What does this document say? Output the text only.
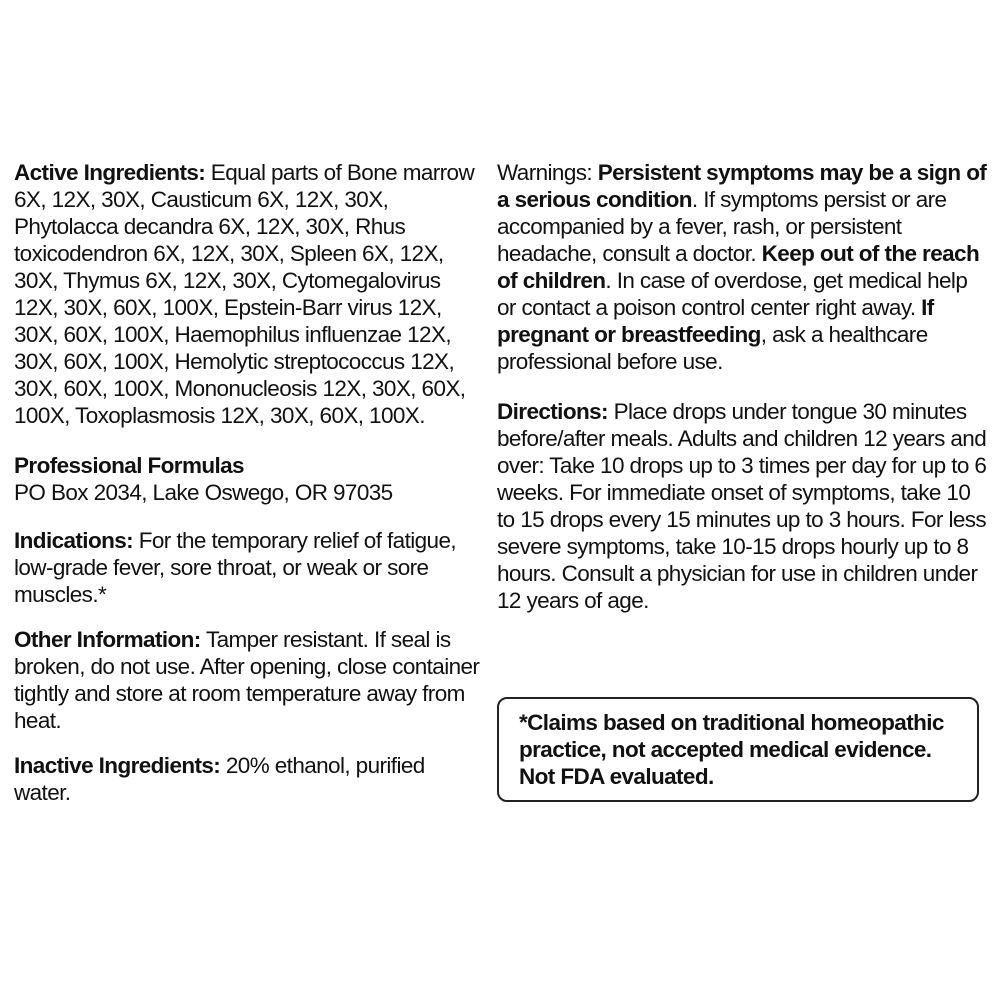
Active Ingredients: Equal parts of Bone marrow 6X, 12X, 30X, Causticum 6X, 12X, 30X, Phytolacca decandra 6X, 12X, 30X, Rhus toxicodendron 6X, 12X, 30X, Spleen 6X, 12X, 30X, Thymus 6X, 12X, 30X, Cytomegalovirus 12X, 30X, 60X, 100X, Epstein-Barr virus 12X, 30X, 60X, 100X, Haemophilus influenzae 12X, 30X, 60X, 100X, Hemolytic streptococcus 12X, 30X, 60X, 100X, Mononucleosis 12X, 30X, 60X, 100X, Toxoplasmosis 12X, 30X, 60X, 100X.

Professional Formulas
PO Box 2034, Lake Oswego, OR 97035

Indications: For the temporary relief of fatigue, low-grade fever, sore throat, or weak or sore muscles.*

Other Information: Tamper resistant. If seal is broken, do not use. After opening, close container tightly and store at room temperature away from heat.

Inactive Ingredients: 20% ethanol, purified water.

Warnings: Persistent symptoms may be a sign of a serious condition. If symptoms persist or are accompanied by a fever, rash, or persistent headache, consult a doctor. Keep out of the reach of children. In case of overdose, get medical help or contact a poison control center right away. If pregnant or breastfeeding, ask a healthcare professional before use.

Directions: Place drops under tongue 30 minutes before/after meals. Adults and children 12 years and over: Take 10 drops up to 3 times per day for up to 6 weeks. For immediate onset of symptoms, take 10 to 15 drops every 15 minutes up to 3 hours. For less severe symptoms, take 10-15 drops hourly up to 8 hours. Consult a physician for use in children under 12 years of age.

*Claims based on traditional homeopathic practice, not accepted medical evidence. Not FDA evaluated.
